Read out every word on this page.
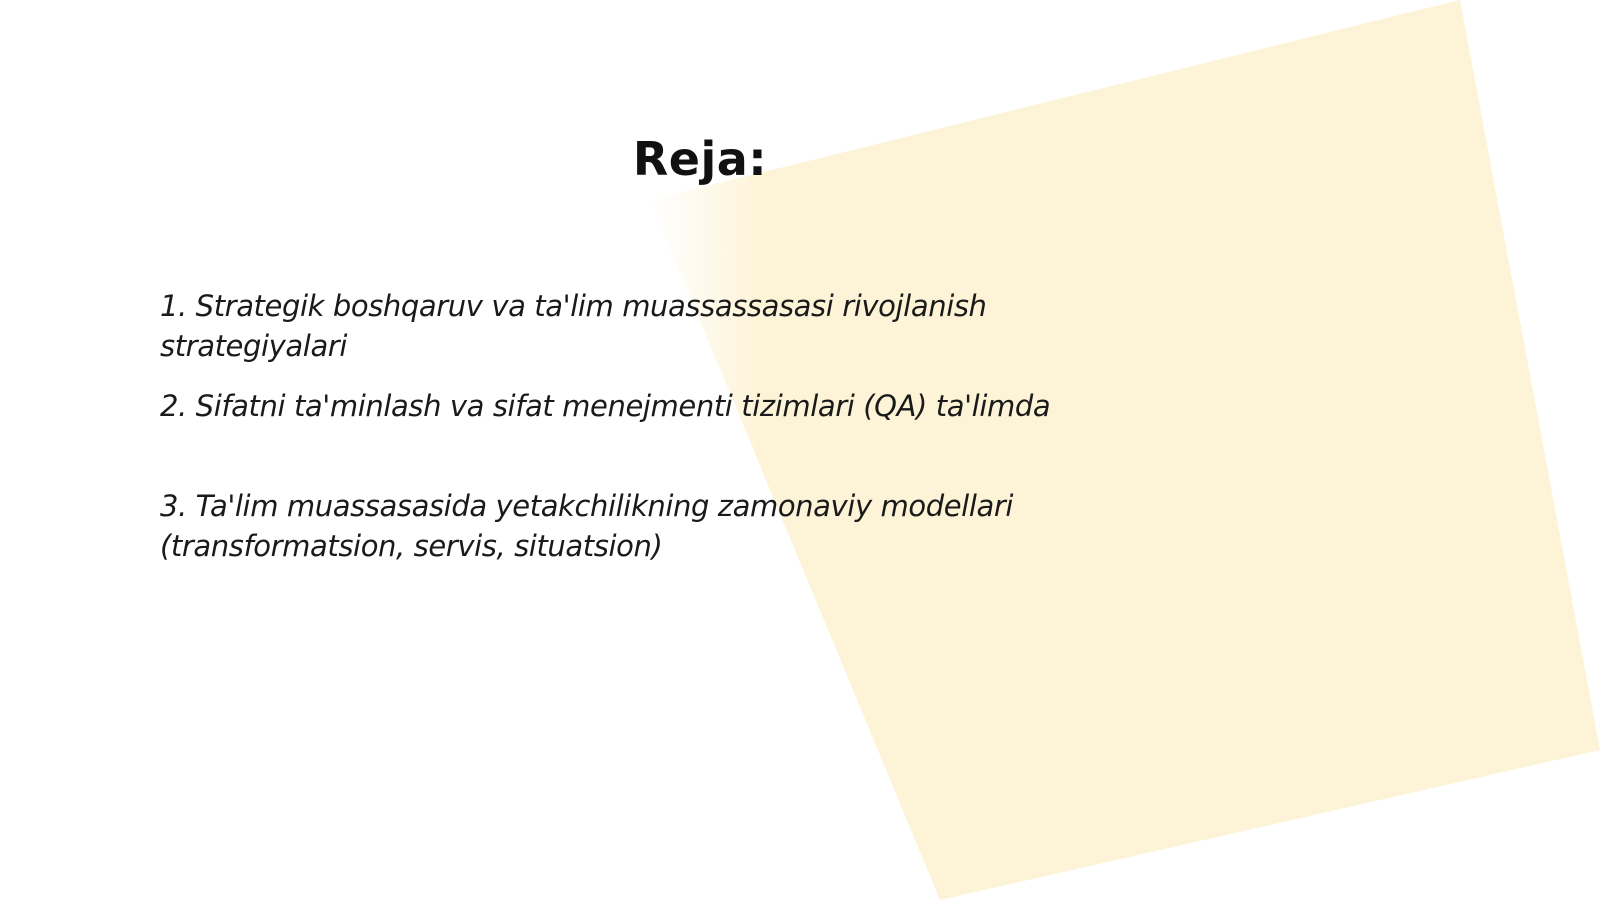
Reja:
1. Strategik boshqaruv va ta'lim muassassasasi rivojlanish strategiyalari
2. Sifatni ta'minlash va sifat menejmenti tizimlari (QA) ta'limda
3. Ta'lim muassasasida yetakchilikning zamonaviy modellari (transformatsion, servis, situatsion)
